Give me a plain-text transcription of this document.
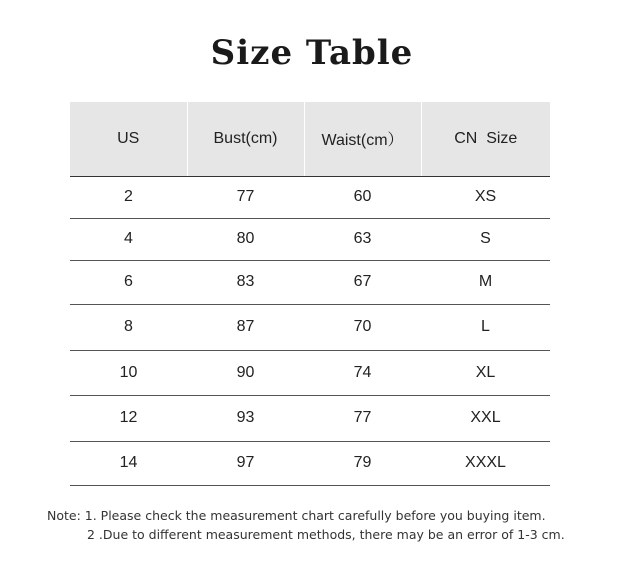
Size Table
US	Bust(cm)	Waist(cm）	CN  Size
2	77	60	XS
4	80	63	S
6	83	67	M
8	87	70	L
10	90	74	XL
12	93	77	XXL
14	97	79	XXXL
Note: 1. Please check the measurement chart carefully before you buying item.
2 .Due to different measurement methods, there may be an error of 1-3 cm.
